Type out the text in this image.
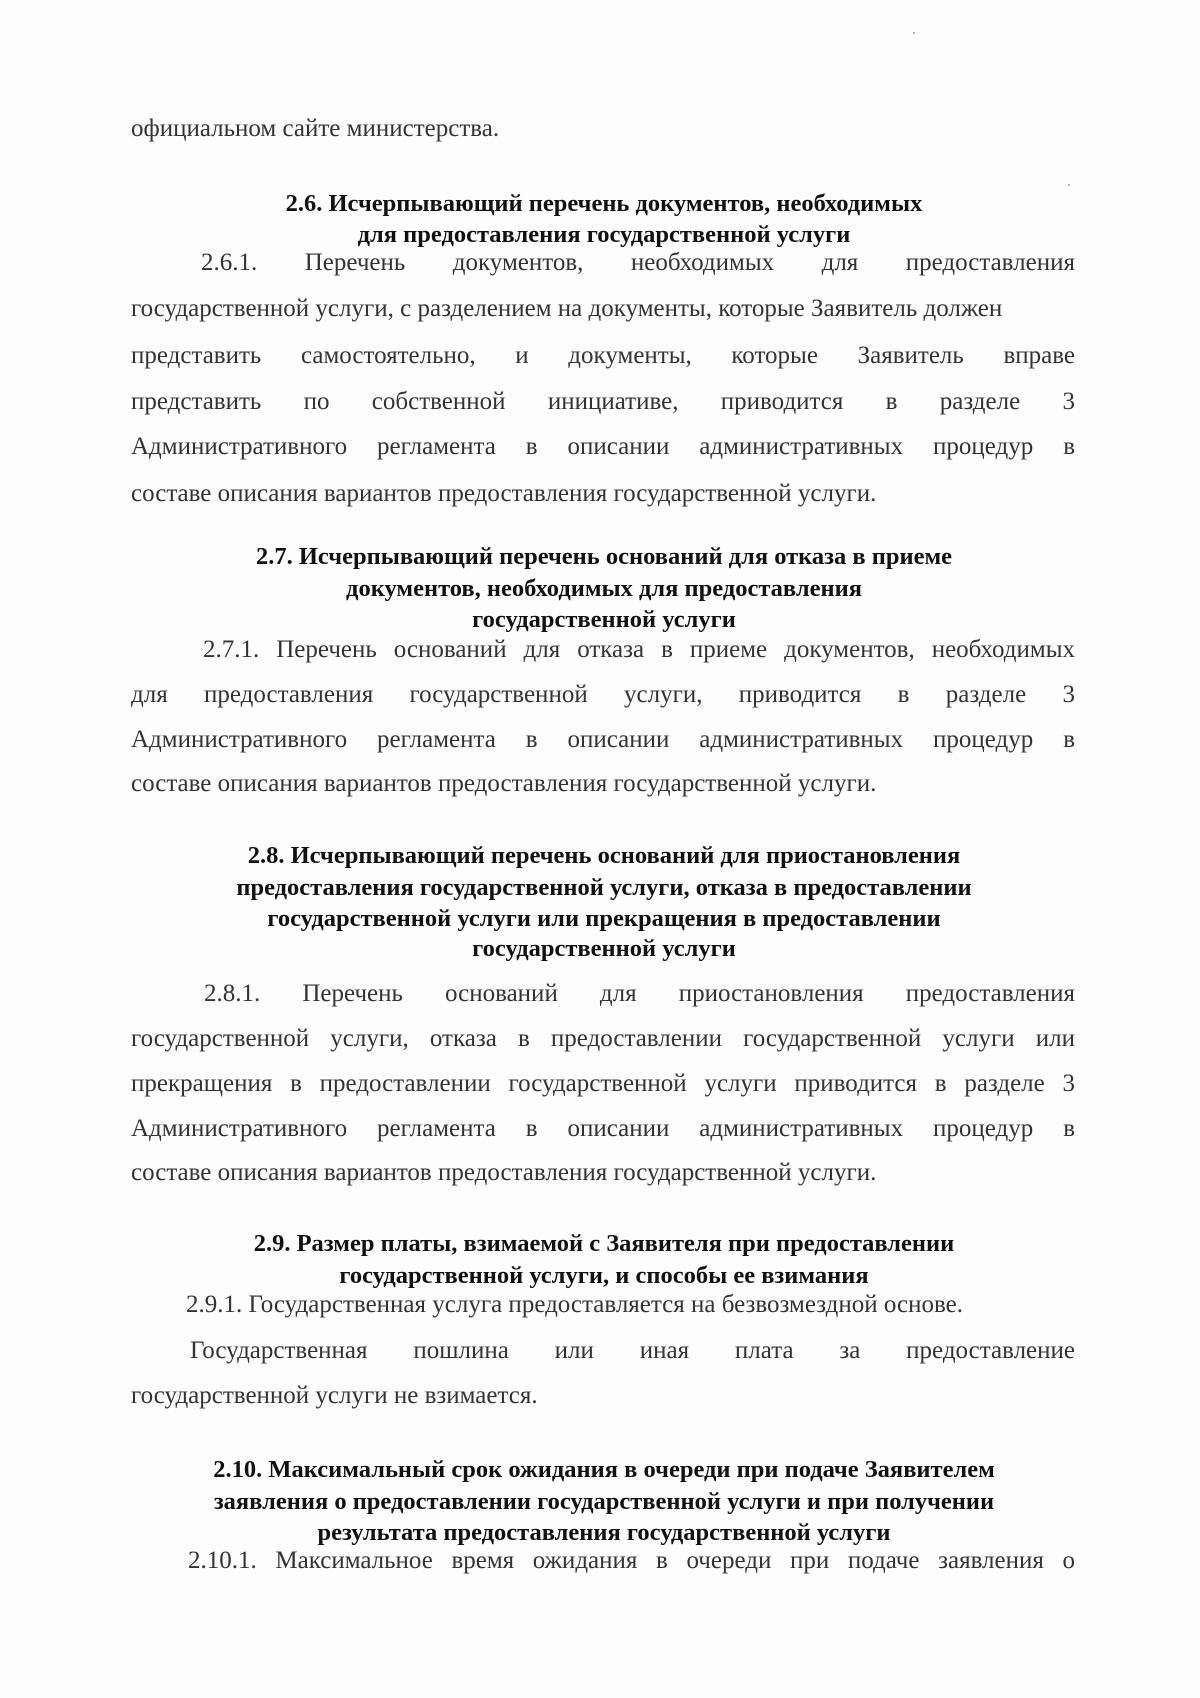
официальном сайте министерства.
2.6. Исчерпывающий перечень документов, необходимых
для предоставления государственной услуги
2.6.1. Перечень документов, необходимых для предоставления
государственной услуги, с разделением на документы, которые Заявитель должен
представить самостоятельно, и документы, которые Заявитель вправе
представить по собственной инициативе, приводится в разделе 3
Административного регламента в описании административных процедур в
составе описания вариантов предоставления государственной услуги.
2.7. Исчерпывающий перечень оснований для отказа в приеме
документов, необходимых для предоставления
государственной услуги
2.7.1. Перечень оснований для отказа в приеме документов, необходимых
для предоставления государственной услуги, приводится в разделе 3
Административного регламента в описании административных процедур в
составе описания вариантов предоставления государственной услуги.
2.8. Исчерпывающий перечень оснований для приостановления
предоставления государственной услуги, отказа в предоставлении
государственной услуги или прекращения в предоставлении
государственной услуги
2.8.1. Перечень оснований для приостановления предоставления
государственной услуги, отказа в предоставлении государственной услуги или
прекращения в предоставлении государственной услуги приводится в разделе 3
Административного регламента в описании административных процедур в
составе описания вариантов предоставления государственной услуги.
2.9. Размер платы, взимаемой с Заявителя при предоставлении
государственной услуги, и способы ее взимания
2.9.1. Государственная услуга предоставляется на безвозмездной основе.
Государственная пошлина или иная плата за предоставление
государственной услуги не взимается.
2.10. Максимальный срок ожидания в очереди при подаче Заявителем
заявления о предоставлении государственной услуги и при получении
результата предоставления государственной услуги
2.10.1. Максимальное время ожидания в очереди при подаче заявления о
